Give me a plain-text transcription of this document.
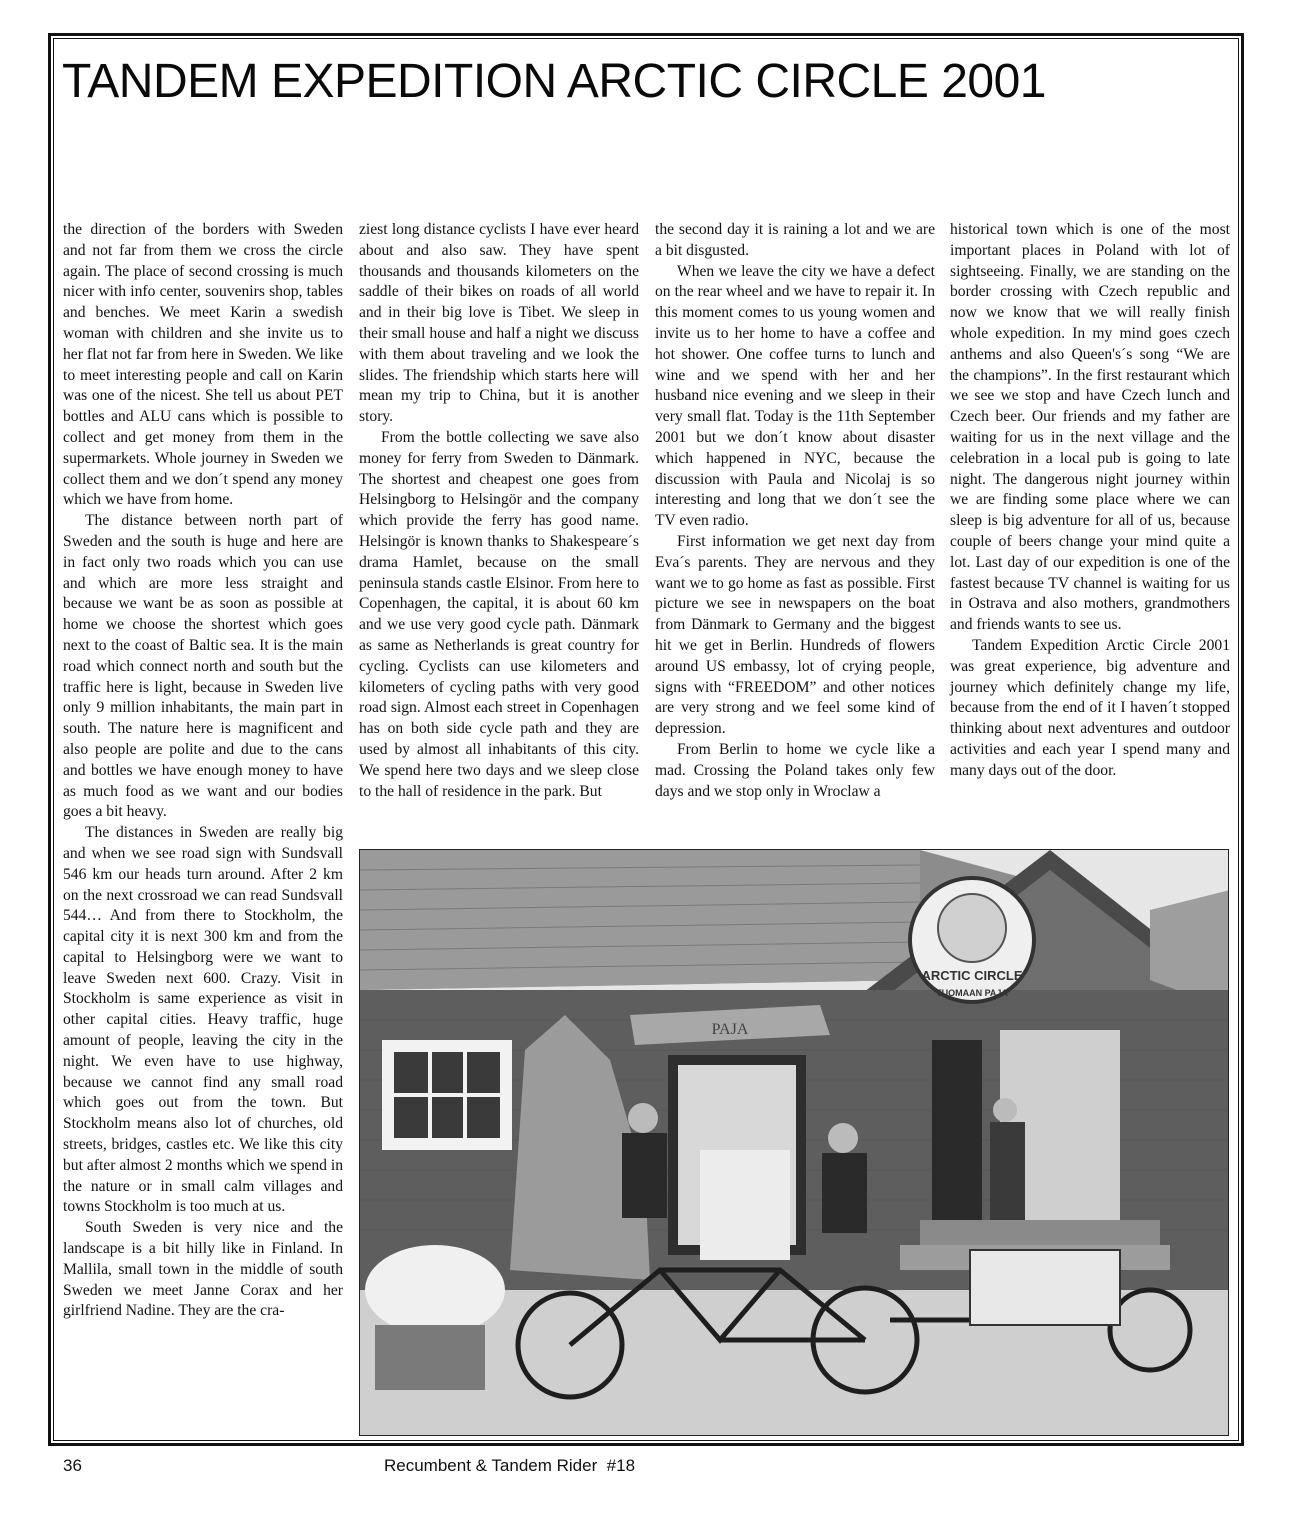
TANDEM EXPEDITION ARCTIC CIRCLE 2001

the direction of the borders with Sweden and not far from them we cross the circle again. The place of second crossing is much nicer with info center, souvenirs shop, tables and benches. We meet Karin a swedish woman with children and she invite us to her flat not far from here in Sweden. We like to meet interesting people and call on Karin was one of the nicest. She tell us about PET bottles and ALU cans which is possible to collect and get money from them in the supermarkets. Whole journey in Sweden we collect them and we don´t spend any money which we have from home.

The distance between north part of Sweden and the south is huge and here are in fact only two roads which you can use and which are more less straight and because we want be as soon as possible at home we choose the shortest which goes next to the coast of Baltic sea. It is the main road which connect north and south but the traffic here is light, because in Sweden live only 9 million inhabitants, the main part in south. The nature here is magnificent and also people are polite and due to the cans and bottles we have enough money to have as much food as we want and our bodies goes a bit heavy.

The distances in Sweden are really big and when we see road sign with Sundsvall 546 km our heads turn around. After 2 km on the next crossroad we can read Sundsvall 544… And from there to Stockholm, the capital city it is next 300 km and from the capital to Helsingborg were we want to leave Sweden next 600. Crazy. Visit in Stockholm is same experience as visit in other capital cities. Heavy traffic, huge amount of people, leaving the city in the night. We even have to use highway, because we cannot find any small road which goes out from the town. But Stockholm means also lot of churches, old streets, bridges, castles etc. We like this city but after almost 2 months which we spend in the nature or in small calm villages and towns Stockholm is too much at us.

South Sweden is very nice and the landscape is a bit hilly like in Finland. In Mallila, small town in the middle of south Sweden we meet Janne Corax and her girlfriend Nadine. They are the cra-

ziest long distance cyclists I have ever heard about and also saw. They have spent thousands and thousands kilometers on the saddle of their bikes on roads of all world and in their big love is Tibet. We sleep in their small house and half a night we discuss with them about traveling and we look the slides. The friendship which starts here will mean my trip to China, but it is another story.

From the bottle collecting we save also money for ferry from Sweden to Dänmark. The shortest and cheapest one goes from Helsingborg to Helsingör and the company which provide the ferry has good name. Helsingör is known thanks to Shakespeare´s drama Hamlet, because on the small peninsula stands castle Elsinor. From here to Copenhagen, the capital, it is about 60 km and we use very good cycle path. Dänmark as same as Netherlands is great country for cycling. Cyclists can use kilometers and kilometers of cycling paths with very good road sign. Almost each street in Copenhagen has on both side cycle path and they are used by almost all inhabitants of this city. We spend here two days and we sleep close to the hall of residence in the park. But

the second day it is raining a lot and we are a bit disgusted.

When we leave the city we have a defect on the rear wheel and we have to repair it. In this moment comes to us young women and invite us to her home to have a coffee and hot shower. One coffee turns to lunch and wine and we spend with her and her husband nice evening and we sleep in their very small flat. Today is the 11th September 2001 but we don´t know about disaster which happened in NYC, because the discussion with Paula and Nicolaj is so interesting and long that we don´t see the TV even radio.

First information we get next day from Eva´s parents. They are nervous and they want we to go home as fast as possible. First picture we see in newspapers on the boat from Dänmark to Germany and the biggest hit we get in Berlin. Hundreds of flowers around US embassy, lot of crying people, signs with “FREEDOM” and other notices are very strong and we feel some kind of depression.

From Berlin to home we cycle like a mad. Crossing the Poland takes only few days and we stop only in Wroclaw a

historical town which is one of the most important places in Poland with lot of sightseeing. Finally, we are standing on the border crossing with Czech republic and now we know that we will really finish whole expedition. In my mind goes czech anthems and also Queen's´s song “We are the champions”. In the first restaurant which we see we stop and have Czech lunch and Czech beer. Our friends and my father are waiting for us in the next village and the celebration in a local pub is going to late night. The dangerous night journey within we are finding some place where we can sleep is big adventure for all of us, because couple of beers change your mind quite a lot. Last day of our expedition is one of the fastest because TV channel is waiting for us in Ostrava and also mothers, grandmothers and friends wants to see us.

Tandem Expedition Arctic Circle 2001 was great experience, big adventure and journey which definitely change my life, because from the end of it I haven´t stopped thinking about next adventures and outdoor activities and each year I spend many and many days out of the door.

ARCTIC CIRCLE
TUOMAAN PAJA
PAJA
36	Recumbent & Tandem Rider  #18
